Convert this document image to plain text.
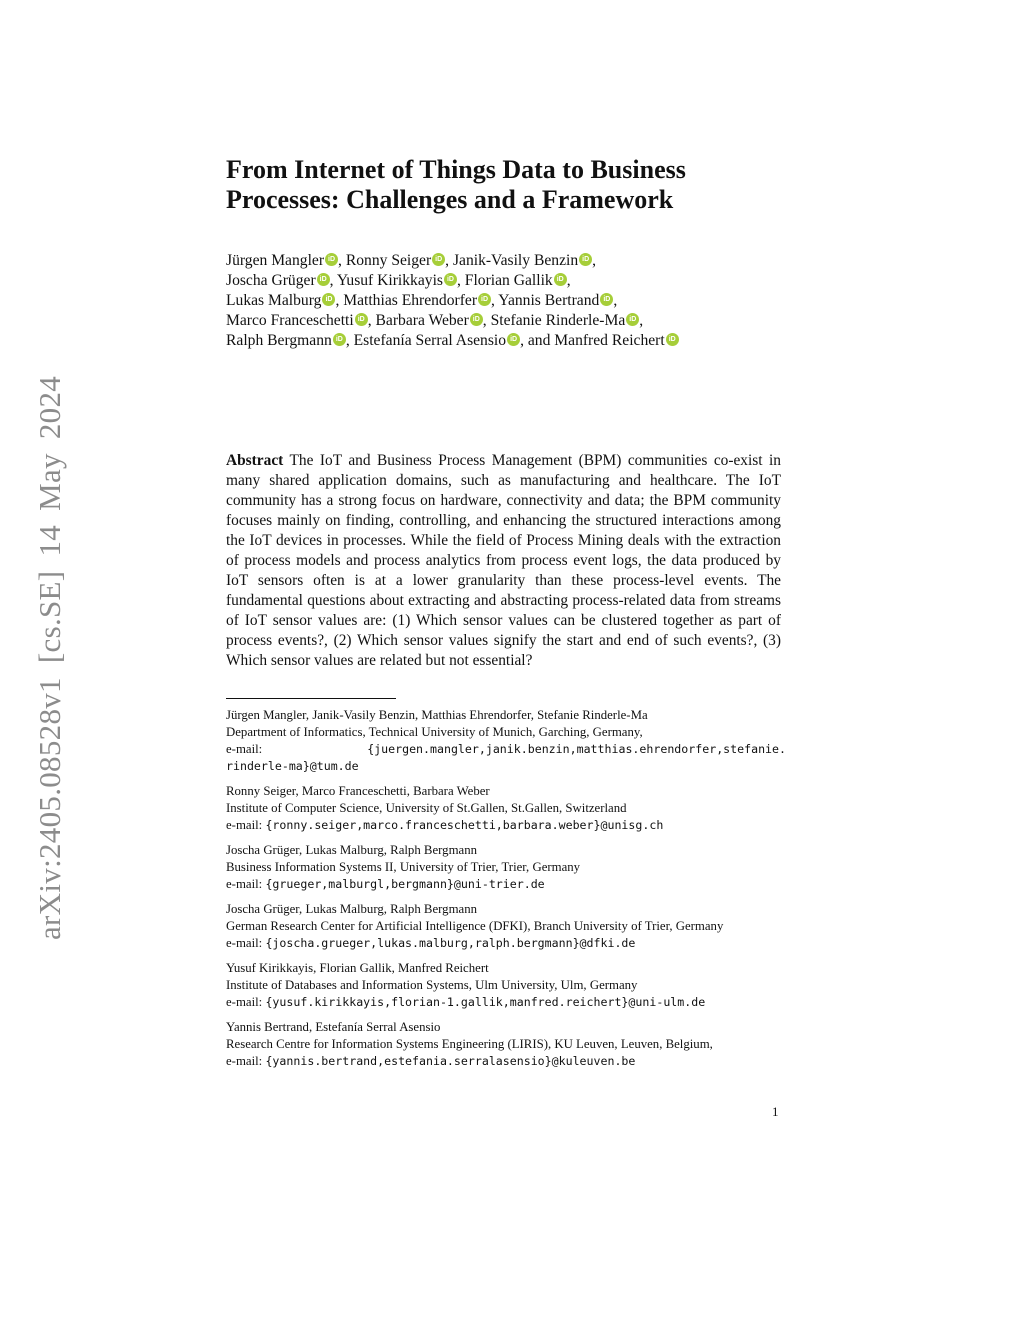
arXiv:2405.08528v1 [cs.SE] 14 May 2024
From Internet of Things Data to Business
Processes: Challenges and a Framework
Jürgen Mangler iD , Ronny Seiger iD , Janik-Vasily Benzin iD ,
Joscha Grüger iD , Yusuf Kirikkayis iD , Florian Gallik iD ,
Lukas Malburg iD , Matthias Ehrendorfer iD , Yannis Bertrand iD ,
Marco Franceschetti iD , Barbara Weber iD , Stefanie Rinderle-Ma iD ,
Ralph Bergmann iD , Estefanía Serral Asensio iD , and Manfred Reichert iD
Abstract The IoT and Business Process Management (BPM) communities co-exist in many shared application domains, such as manufacturing and healthcare. The IoT community has a strong focus on hardware, connectivity and data; the BPM community focuses mainly on finding, controlling, and enhancing the structured interactions among the IoT devices in processes. While the field of Process Mining deals with the extraction of process models and process analytics from process event logs, the data produced by IoT sensors often is at a lower granularity than these process-level events. The fundamental questions about extracting and abstracting process-related data from streams of IoT sensor values are: (1) Which sensor values can be clustered together as part of process events?, (2) Which sensor values signify the start and end of such events?, (3) Which sensor values are related but not essential?
Jürgen Mangler, Janik-Vasily Benzin, Matthias Ehrendorfer, Stefanie Rinderle-Ma
Department of Informatics, Technical University of Munich, Garching, Germany,
e-mail:	{juergen.mangler,janik.benzin,matthias.ehrendorfer,stefanie.
rinderle-ma}@tum.de
Ronny Seiger, Marco Franceschetti, Barbara Weber
Institute of Computer Science, University of St.Gallen, St.Gallen, Switzerland
e-mail: {ronny.seiger,marco.franceschetti,barbara.weber}@unisg.ch
Joscha Grüger, Lukas Malburg, Ralph Bergmann
Business Information Systems II, University of Trier, Trier, Germany
e-mail: {grueger,malburgl,bergmann}@uni-trier.de
Joscha Grüger, Lukas Malburg, Ralph Bergmann
German Research Center for Artificial Intelligence (DFKI), Branch University of Trier, Germany
e-mail: {joscha.grueger,lukas.malburg,ralph.bergmann}@dfki.de
Yusuf Kirikkayis, Florian Gallik, Manfred Reichert
Institute of Databases and Information Systems, Ulm University, Ulm, Germany
e-mail: {yusuf.kirikkayis,florian-1.gallik,manfred.reichert}@uni-ulm.de
Yannis Bertrand, Estefanía Serral Asensio
Research Centre for Information Systems Engineering (LIRIS), KU Leuven, Leuven, Belgium,
e-mail: {yannis.bertrand,estefania.serralasensio}@kuleuven.be
1
